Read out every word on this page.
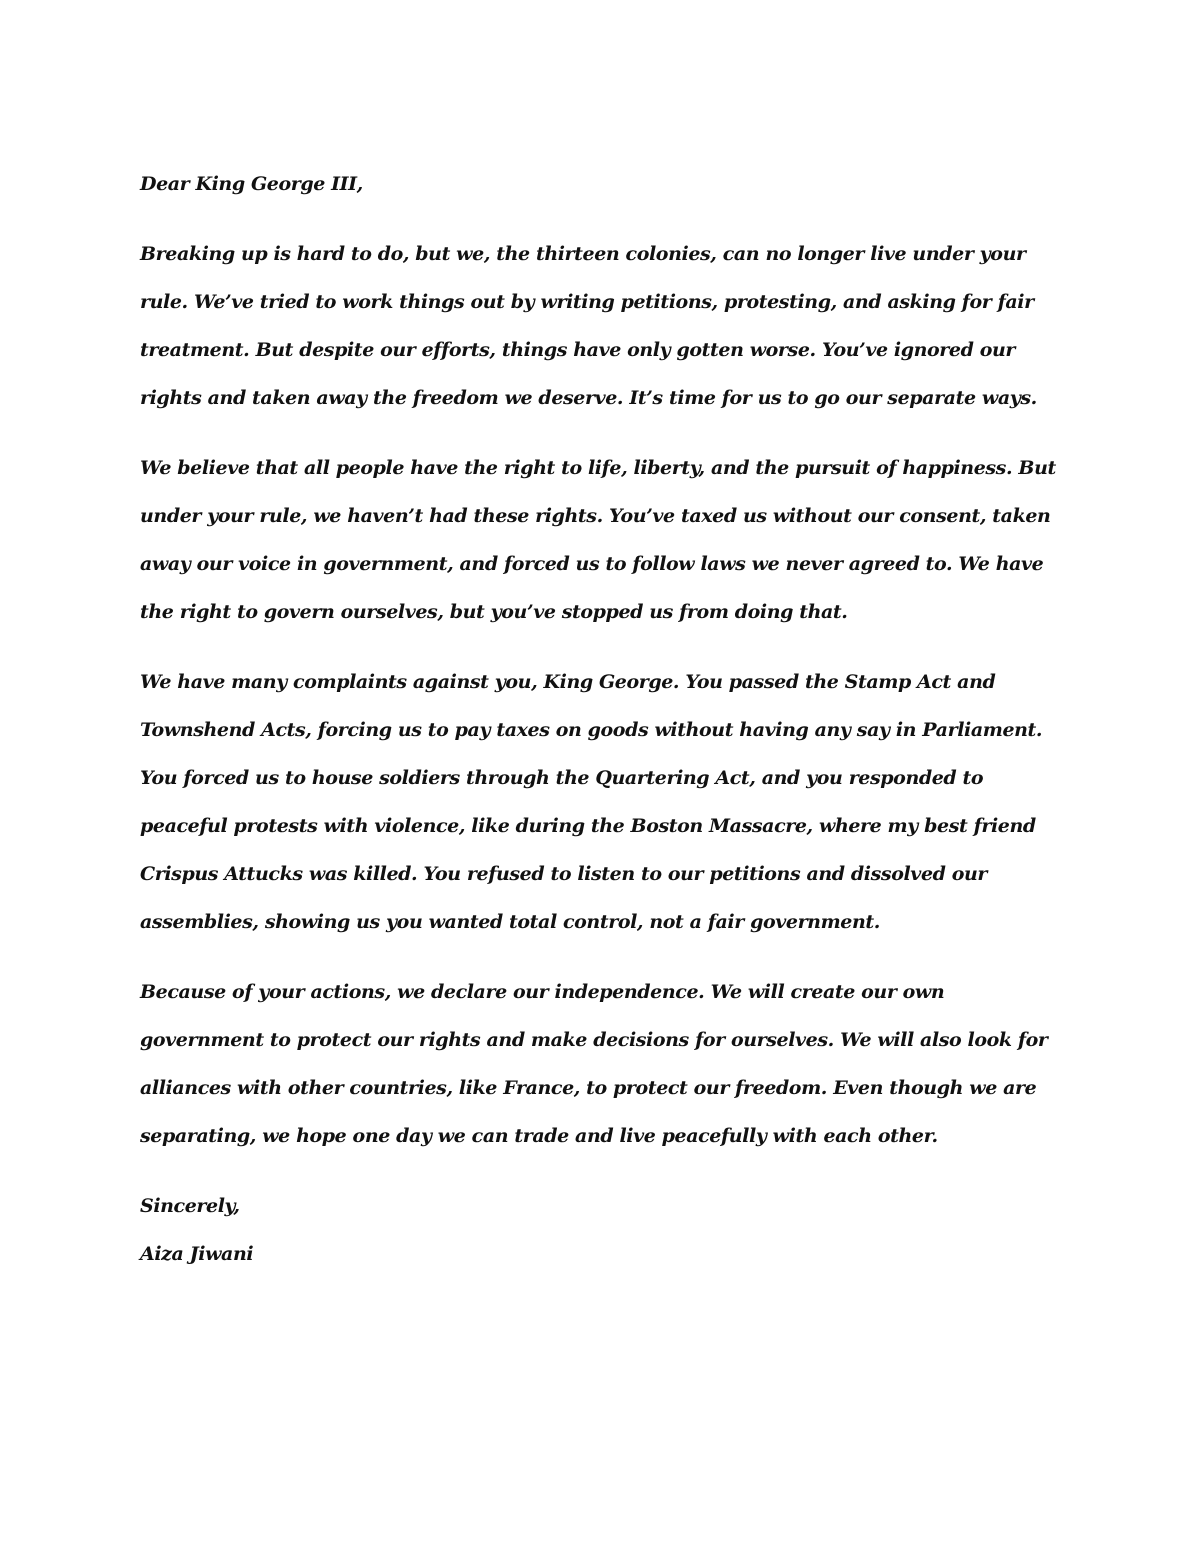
Dear King George III,

Breaking up is hard to do, but we, the thirteen colonies, can no longer live under your rule. We’ve tried to work things out by writing petitions, protesting, and asking for fair treatment. But despite our efforts, things have only gotten worse. You’ve ignored our rights and taken away the freedom we deserve. It’s time for us to go our separate ways.

We believe that all people have the right to life, liberty, and the pursuit of happiness. But under your rule, we haven’t had these rights. You’ve taxed us without our consent, taken away our voice in government, and forced us to follow laws we never agreed to. We have the right to govern ourselves, but you’ve stopped us from doing that.

We have many complaints against you, King George. You passed the Stamp Act and Townshend Acts, forcing us to pay taxes on goods without having any say in Parliament. You forced us to house soldiers through the Quartering Act, and you responded to peaceful protests with violence, like during the Boston Massacre, where my best friend Crispus Attucks was killed. You refused to listen to our petitions and dissolved our assemblies, showing us you wanted total control, not a fair government.

Because of your actions, we declare our independence. We will create our own government to protect our rights and make decisions for ourselves. We will also look for alliances with other countries, like France, to protect our freedom. Even though we are separating, we hope one day we can trade and live peacefully with each other.

Sincerely,

Aiza Jiwani
